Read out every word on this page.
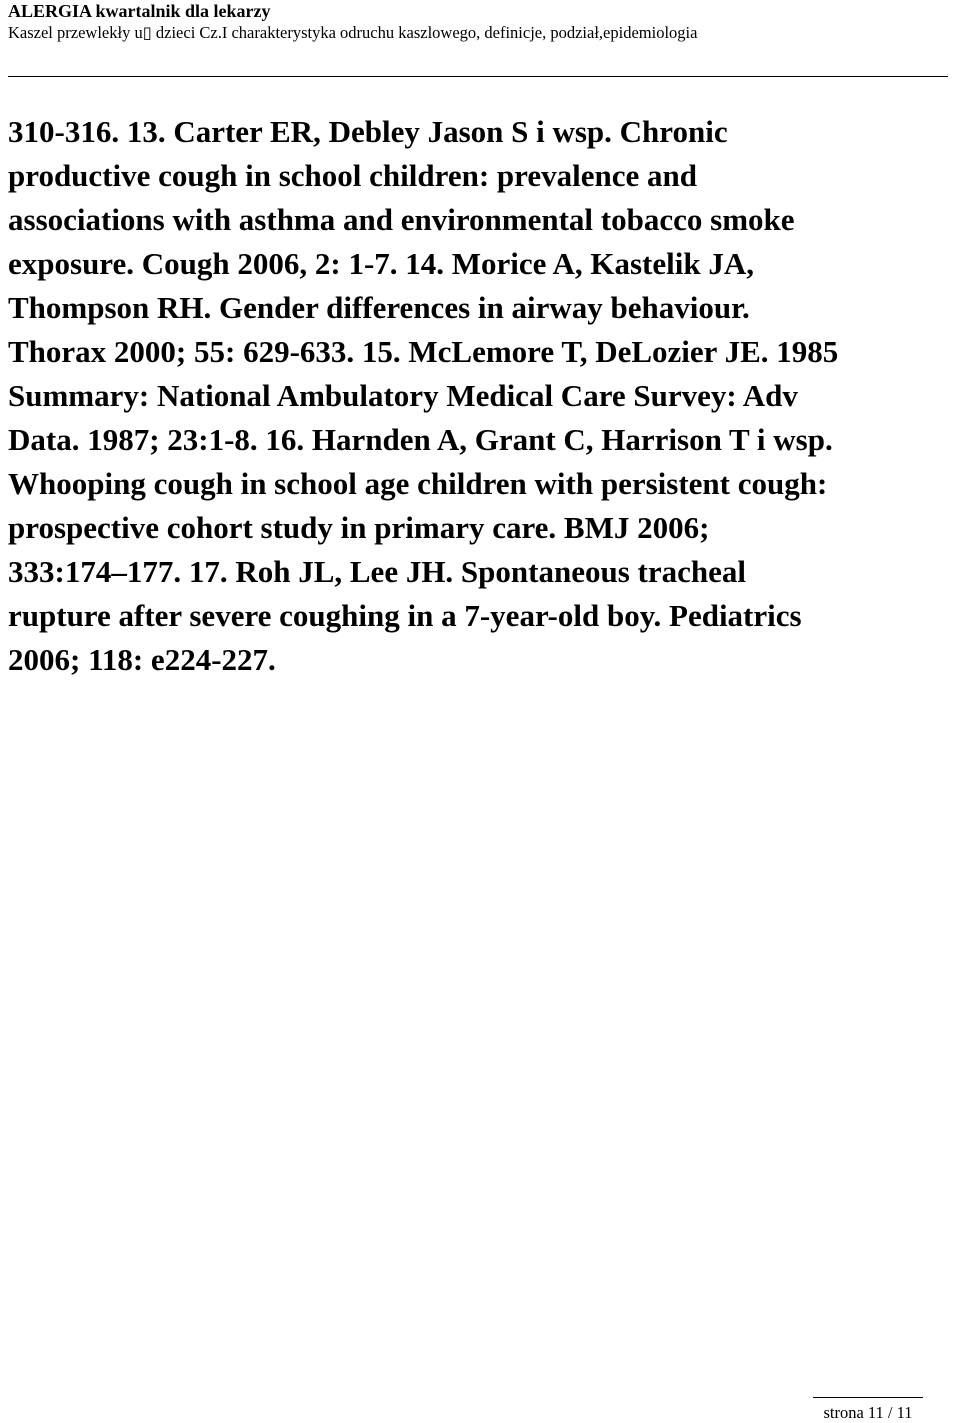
ALERGIA kwartalnik dla lekarzy
Kaszel przewlekły u▯ dzieci Cz.I charakterystyka odruchu kaszlowego, definicje, podział,epidemiologia
310-316. 13. Carter ER, Debley Jason S i wsp. Chronic
productive cough in school children: prevalence and
associations with asthma and environmental tobacco smoke
exposure. Cough 2006, 2: 1-7. 14. Morice A, Kastelik JA,
Thompson RH. Gender differences in airway behaviour.
Thorax 2000; 55: 629-633. 15. McLemore T, DeLozier JE. 1985
Summary: National Ambulatory Medical Care Survey: Adv
Data. 1987; 23:1-8. 16. Harnden A, Grant C, Harrison T i wsp.
Whooping cough in school age children with persistent cough:
prospective cohort study in primary care. BMJ 2006;
333:174–177. 17. Roh JL, Lee JH. Spontaneous tracheal
rupture after severe coughing in a 7-year-old boy. Pediatrics
2006; 118: e224-227.
strona 11 / 11
